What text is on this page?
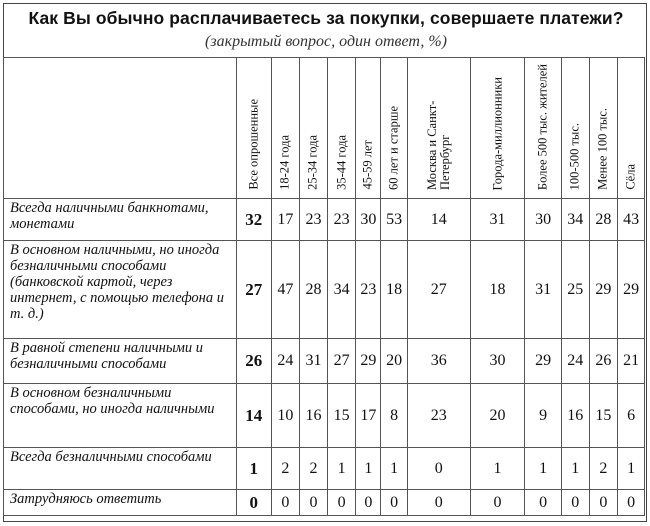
Как Вы обычно расплачиваетесь за покупки, совершаете платежи?
(закрытый вопрос, один ответ, %)

	Все опрошенные	18-24 года	25-34 года	35-44 года	45-59 лет	60 лет и старше	Москва и Санкт-Петербург	Города-миллионники	Более 500 тыс. жителей	100-500 тыс.	Менее 100 тыс.	Сёла

Всегда наличными банкнотами, монетами	32	17	23	23	30	53	14	31	30	34	28	43
В основном наличными, но иногда безналичными способами (банковской картой, через интернет, с помощью телефона и т. д.)	27	47	28	34	23	18	27	18	31	25	29	29
В равной степени наличными и безналичными способами	26	24	31	27	29	20	36	30	29	24	26	21
В основном безналичными способами, но иногда наличными	14	10	16	15	17	8	23	20	9	16	15	6
Всегда безналичными способами	1	2	2	1	1	1	0	1	1	1	2	1
Затрудняюсь ответить	0	0	0	0	0	0	0	0	0	0	0	0
